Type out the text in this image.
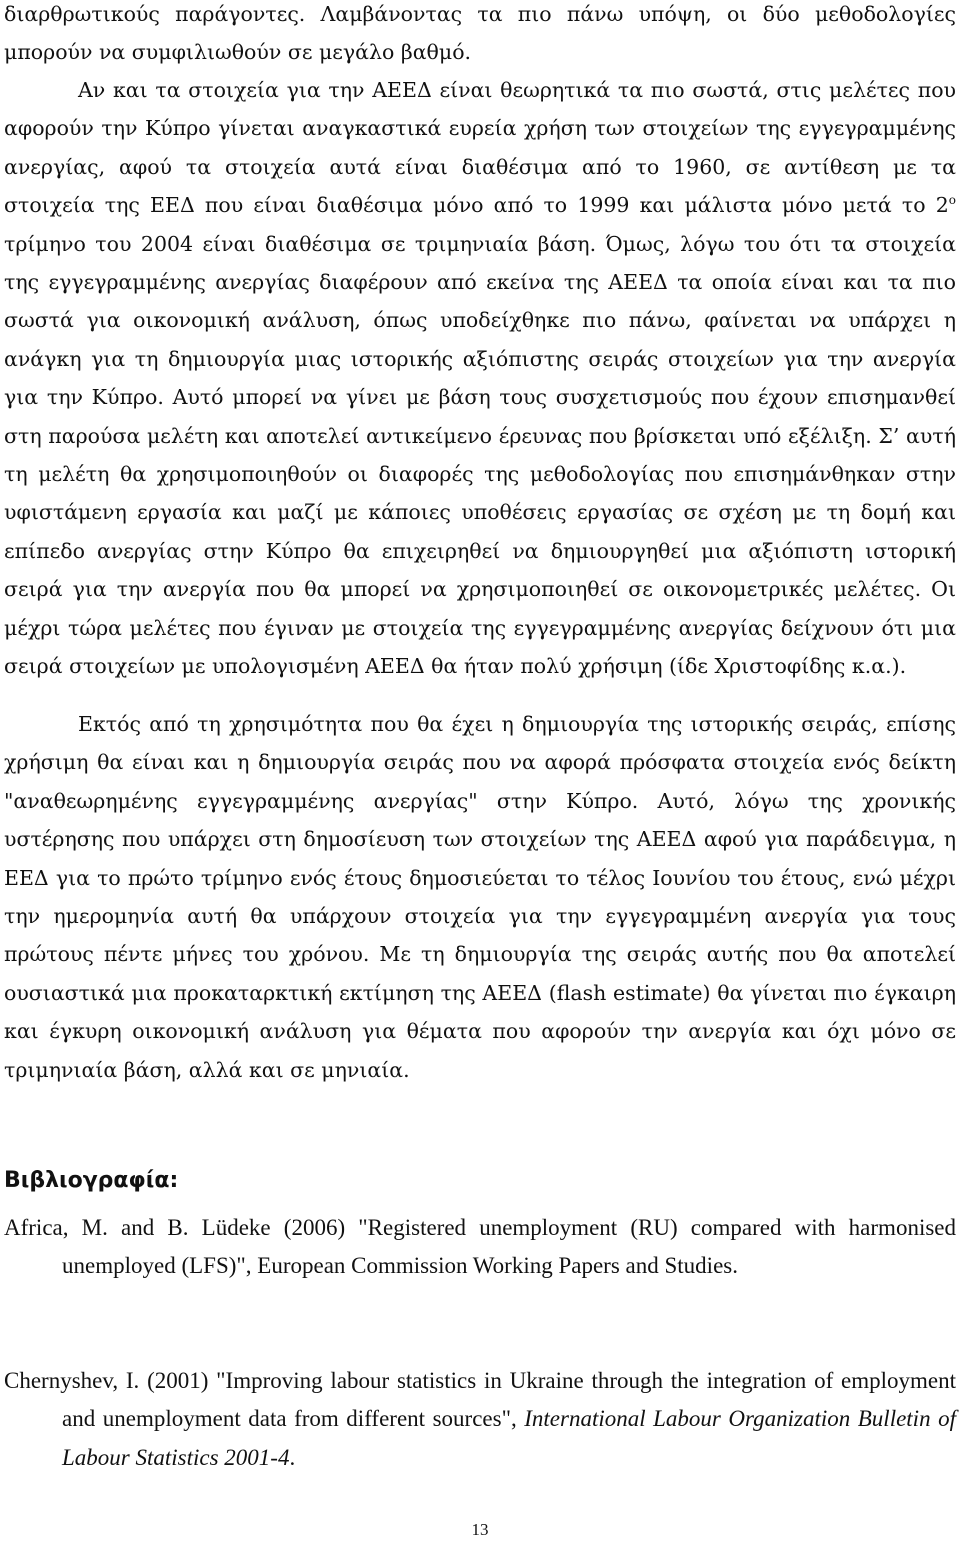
διαρθρωτικούς παράγοντες. Λαμβάνοντας τα πιο πάνω υπόψη, οι δύο μεθοδολογίες μπορούν να συμφιλιωθούν σε μεγάλο βαθμό.

Αν και τα στοιχεία για την ΑΕΕΔ είναι θεωρητικά τα πιο σωστά, στις μελέτες που αφορούν την Κύπρο γίνεται αναγκαστικά ευρεία χρήση των στοιχείων της εγγεγραμμένης ανεργίας, αφού τα στοιχεία αυτά είναι διαθέσιμα από το 1960, σε αντίθεση με τα στοιχεία της ΕΕΔ που είναι διαθέσιμα μόνο από το 1999 και μάλιστα μόνο μετά το $2^o$ τρίμηνο του 2004 είναι διαθέσιμα σε τριμηνιαία βάση. Όμως, λόγω του ότι τα στοιχεία της εγγεγραμμένης ανεργίας διαφέρουν από εκείνα της ΑΕΕΔ τα οποία είναι και τα πιο σωστά για οικονομική ανάλυση, όπως υποδείχθηκε πιο πάνω, φαίνεται να υπάρχει η ανάγκη για τη δημιουργία μιας ιστορικής αξιόπιστης σειράς στοιχείων για την ανεργία για την Κύπρο. Αυτό μπορεί να γίνει με βάση τους συσχετισμούς που έχουν επισημανθεί στη παρούσα μελέτη και αποτελεί αντικείμενο έρευνας που βρίσκεται υπό εξέλιξη. Σ’ αυτή τη μελέτη θα χρησιμοποιηθούν οι διαφορές της μεθοδολογίας που επισημάνθηκαν στην υφιστάμενη εργασία και μαζί με κάποιες υποθέσεις εργασίας σε σχέση με τη δομή και επίπεδο ανεργίας στην Κύπρο θα επιχειρηθεί να δημιουργηθεί μια αξιόπιστη ιστορική σειρά για την ανεργία που θα μπορεί να χρησιμοποιηθεί σε οικονομετρικές μελέτες. Οι μέχρι τώρα μελέτες που έγιναν με στοιχεία της εγγεγραμμένης ανεργίας δείχνουν ότι μια σειρά στοιχείων με υπολογισμένη ΑΕΕΔ θα ήταν πολύ χρήσιμη (ίδε Χριστοφίδης κ.α.).

Εκτός από τη χρησιμότητα που θα έχει η δημιουργία της ιστορικής σειράς, επίσης χρήσιμη θα είναι και η δημιουργία σειράς που να αφορά πρόσφατα στοιχεία ενός δείκτη "αναθεωρημένης εγγεγραμμένης ανεργίας" στην Κύπρο. Αυτό, λόγω της χρονικής υστέρησης που υπάρχει στη δημοσίευση των στοιχείων της ΑΕΕΔ αφού για παράδειγμα, η ΕΕΔ για το πρώτο τρίμηνο ενός έτους δημοσιεύεται το τέλος Ιουνίου του έτους, ενώ μέχρι την ημερομηνία αυτή θα υπάρχουν στοιχεία για την εγγεγραμμένη ανεργία για τους πρώτους πέντε μήνες του χρόνου. Με τη δημιουργία της σειράς αυτής που θα αποτελεί ουσιαστικά μια προκαταρκτική εκτίμηση της ΑΕΕΔ (flash estimate) θα γίνεται πιο έγκαιρη και έγκυρη οικονομική ανάλυση για θέματα που αφορούν την ανεργία και όχι μόνο σε τριμηνιαία βάση, αλλά και σε μηνιαία.

Βιβλιογραφία:

Africa, M. and B. Lüdeke (2006) "Registered unemployment (RU) compared with harmonised unemployed (LFS)", European Commission Working Papers and Studies.

Chernyshev, I. (2001) "Improving labour statistics in Ukraine through the integration of employment and unemployment data from different sources", International Labour Organization Bulletin of Labour Statistics 2001-4.

13
